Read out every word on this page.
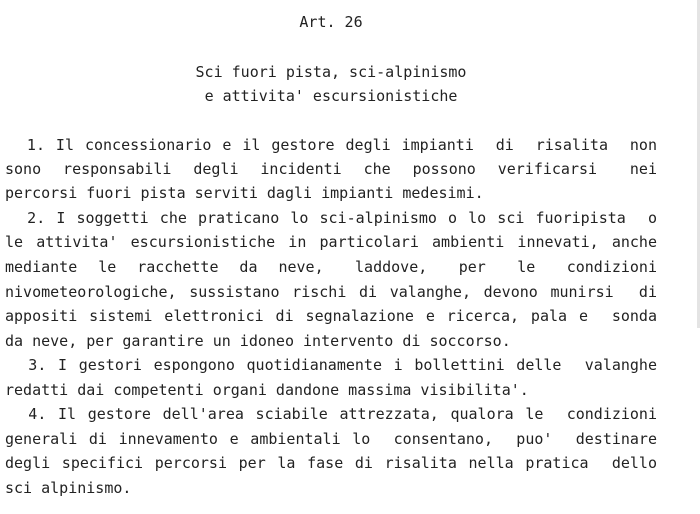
Art. 26
Sci fuori pista, sci-alpinismo
e attivita' escursionistiche
1. Il concessionario e il gestore degli impianti  di  risalita  non
sono  responsabili  degli  incidenti  che  possono  verificarsi   nei
percorsi fuori pista serviti dagli impianti medesimi.
2. I soggetti che praticano lo sci-alpinismo o lo sci fuoripista  o
le attivita' escursionistiche in particolari ambienti innevati, anche
mediante  le  racchette  da  neve,   laddove,   per   le   condizioni
nivometeorologiche, sussistano rischi di valanghe, devono munirsi  di
appositi sistemi elettronici di segnalazione e ricerca, pala e  sonda
da neve, per garantire un idoneo intervento di soccorso.
3. I gestori espongono quotidianamente i bollettini delle  valanghe
redatti dai competenti organi dandone massima visibilita'.
4. Il gestore dell'area sciabile attrezzata, qualora le  condizioni
generali di innevamento e ambientali lo  consentano,  puo'  destinare
degli specifici percorsi per la fase di risalita nella pratica  dello
sci alpinismo.
